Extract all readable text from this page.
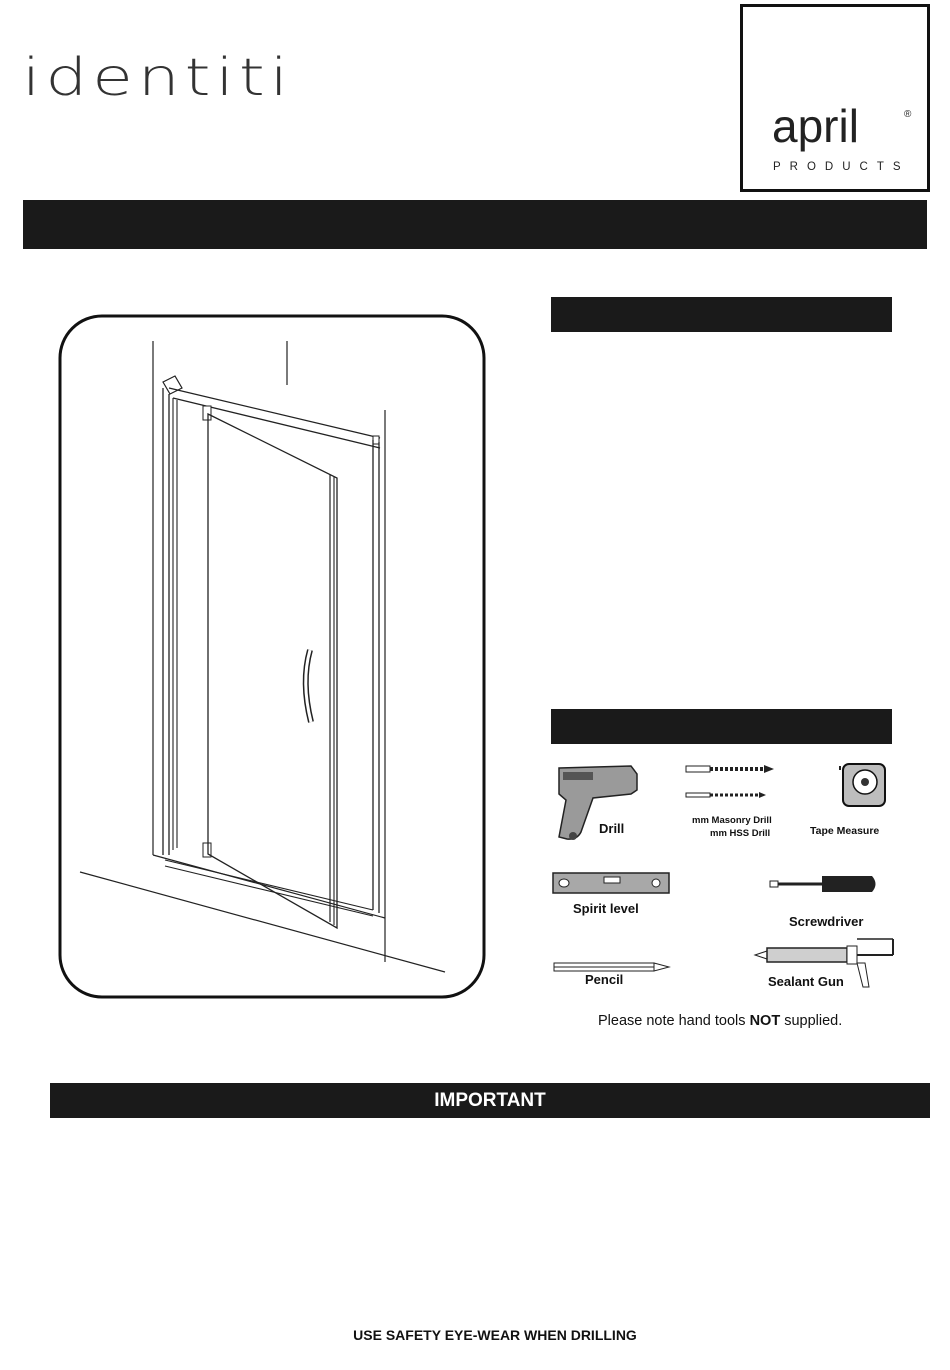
identiti
april	®
PRODUCTS
Drill
mm Masonry Drill
mm HSS Drill	Tape Measure
Spirit level
Screwdriver
Pencil	Sealant Gun
Please note hand tools NOT supplied.
IMPORTANT
USE SAFETY EYE-WEAR WHEN DRILLING
